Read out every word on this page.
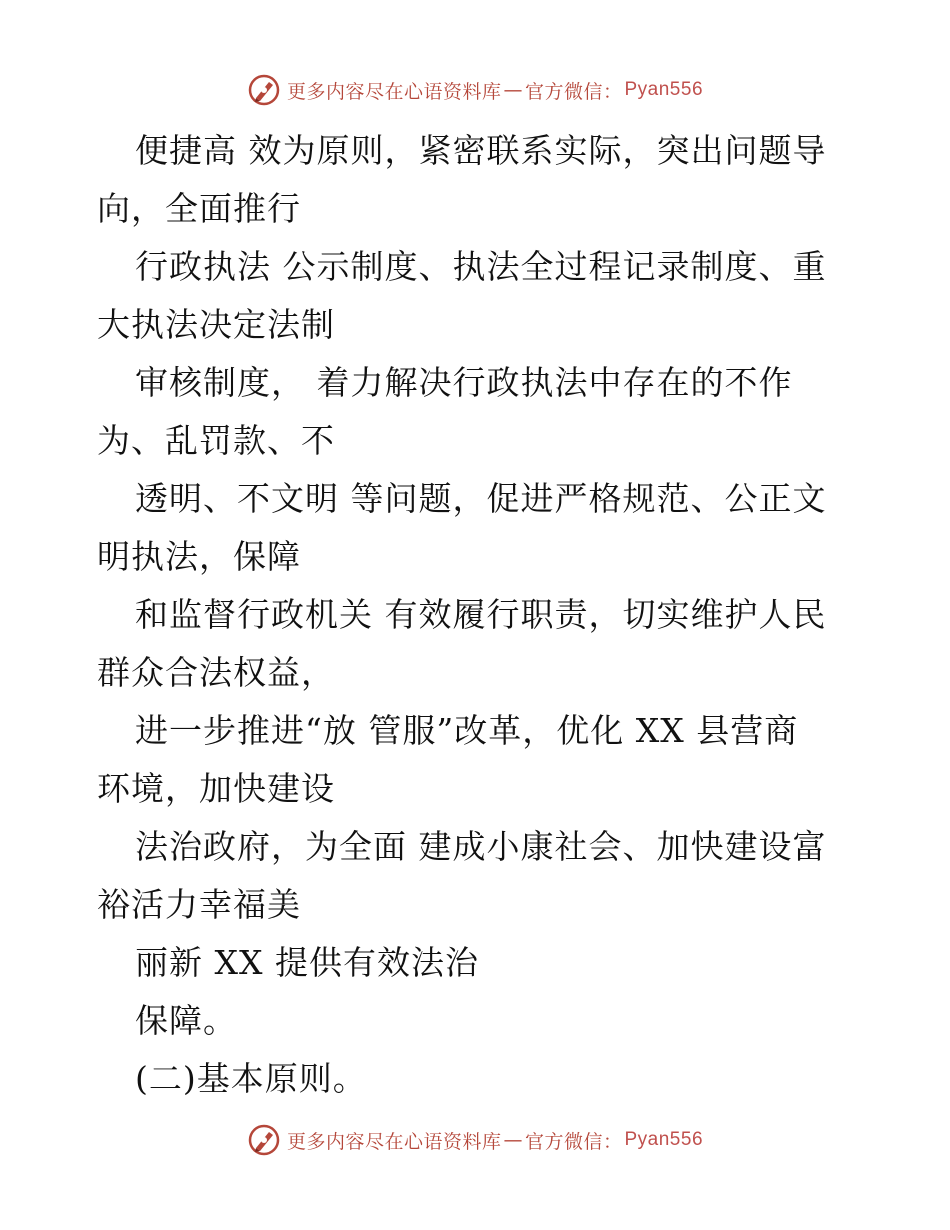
更多内容尽在心语资料库 — 官方微信： Pyan556
便捷高 效为原则，紧密联系实际，突出问题导
向，全面推行
行政执法 公示制度、执法全过程记录制度、重
大执法决定法制
审核制度， 着力解决行政执法中存在的不作
为、乱罚款、不
透明、不文明 等问题，促进严格规范、公正文
明执法，保障
和监督行政机关 有效履行职责，切实维护人民
群众合法权益，
进一步推进“放 管服”改革，优化 XX 县营商
环境，加快建设
法治政府，为全面 建成小康社会、加快建设富
裕活力幸福美
丽新 XX 提供有效法治
保障。
(二)基本原则。
更多内容尽在心语资料库 — 官方微信： Pyan556
